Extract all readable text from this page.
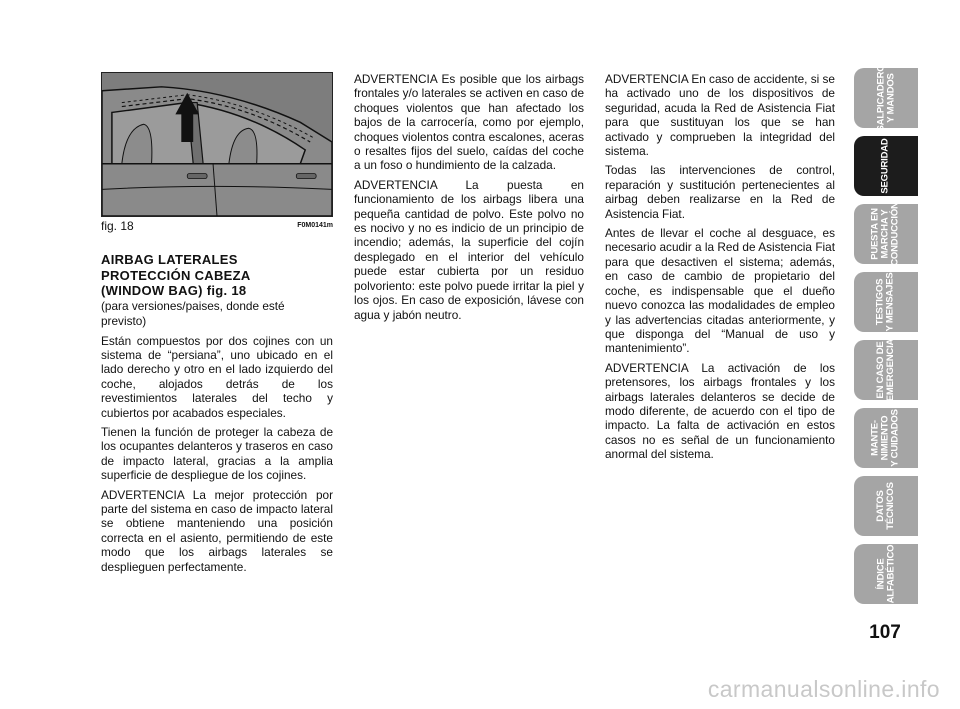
fig. 18	F0M0141m
AIRBAG LATERALES
PROTECCIÓN CABEZA
(WINDOW BAG) fig. 18

(para versiones/paises, donde esté previsto)

Están compuestos por dos cojines con un sistema de “persiana”, uno ubicado en el lado derecho y otro en el lado izquierdo del coche, alojados detrás de los revestimientos laterales del techo y cubiertos por acabados especiales.

Tienen la función de proteger la cabeza de los ocupantes delanteros y traseros en caso de impacto lateral, gracias a la amplia superficie de despliegue de los cojines.

ADVERTENCIA La mejor protección por parte del sistema en caso de impacto lateral se obtiene manteniendo una posición correcta en el asiento, permitiendo de este modo que los airbags laterales se desplieguen perfectamente.

ADVERTENCIA Es posible que los airbags frontales y/o laterales se activen en caso de choques violentos que han afectado los bajos de la carrocería, como por ejemplo, choques violentos contra escalones, aceras o resaltes fijos del suelo, caídas del coche a un foso o hundimiento de la calzada.

ADVERTENCIA La puesta en funcionamiento de los airbags libera una pequeña cantidad de polvo. Este polvo no es nocivo y no es indicio de un principio de incendio; además, la superficie del cojín desplegado en el interior del vehículo puede estar cubierta por un residuo polvoriento: este polvo puede irritar la piel y los ojos. En caso de exposición, lávese con agua y jabón neutro.

ADVERTENCIA En caso de accidente, si se ha activado uno de los dispositivos de seguridad, acuda la Red de Asistencia Fiat para que sustituyan los que se han activado y comprueben la integridad del sistema.

Todas las intervenciones de control, reparación y sustitución pertenecientes al airbag deben realizarse en la Red de Asistencia Fiat.

Antes de llevar el coche al desguace, es necesario acudir a la Red de Asistencia Fiat para que desactiven el sistema; además, en caso de cambio de propietario del coche, es indispensable que el dueño nuevo conozca las modalidades de empleo y las advertencias citadas anteriormente, y que disponga del “Manual de uso y mantenimiento”.

ADVERTENCIA La activación de los pretensores, los airbags frontales y los airbags laterales delanteros se decide de modo diferente, de acuerdo con el tipo de impacto. La falta de activación en estos casos no es señal de un funcionamiento anormal del sistema.

SALPICADERO
Y MANDOS
SEGURIDAD
PUESTA EN
MARCHA Y
CONDUCCIÓN
TESTIGOS
Y MENSAJES
EN CASO DE
EMERGENCIA
MANTE-
NIMIENTO
Y CUIDADOS
DATOS
TÉCNICOS
ÍNDICE
ALFABÉTICO
107
carmanualsonline.info
